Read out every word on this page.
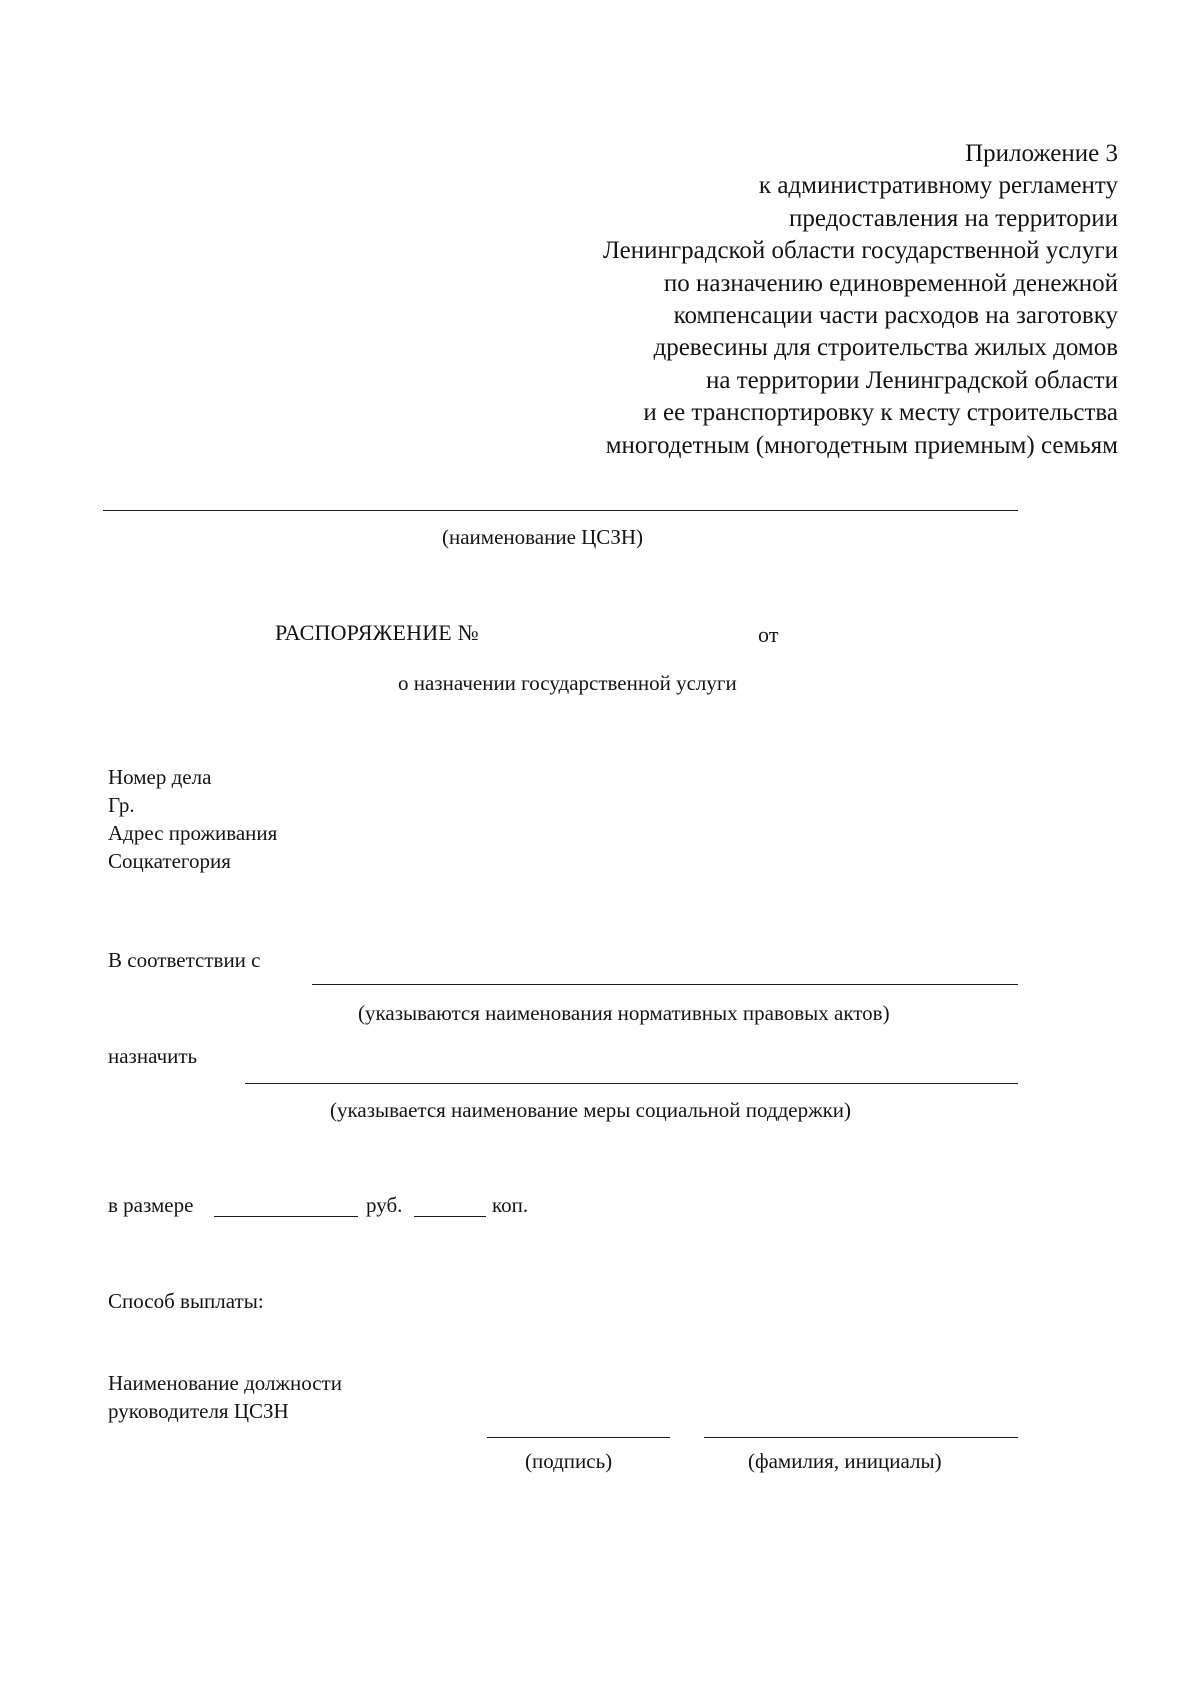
Приложение 3
к административному регламенту
предоставления на территории
Ленинградской области государственной услуги
по назначению единовременной денежной
компенсации части расходов на заготовку
древесины для строительства жилых домов
на территории Ленинградской области
и ее транспортировку к месту строительства
многодетным (многодетным приемным) семьям
(наименование ЦСЗН)
РАСПОРЯЖЕНИЕ №	от
о назначении государственной услуги
Номер дела
Гр.
Адрес проживания
Соцкатегория
В соответствии с
(указываются наименования нормативных правовых актов)
назначить
(указывается наименование меры социальной поддержки)
в размере	руб.	коп.
Способ выплаты:
Наименование должности
руководителя ЦСЗН
(подпись)	(фамилия, инициалы)
